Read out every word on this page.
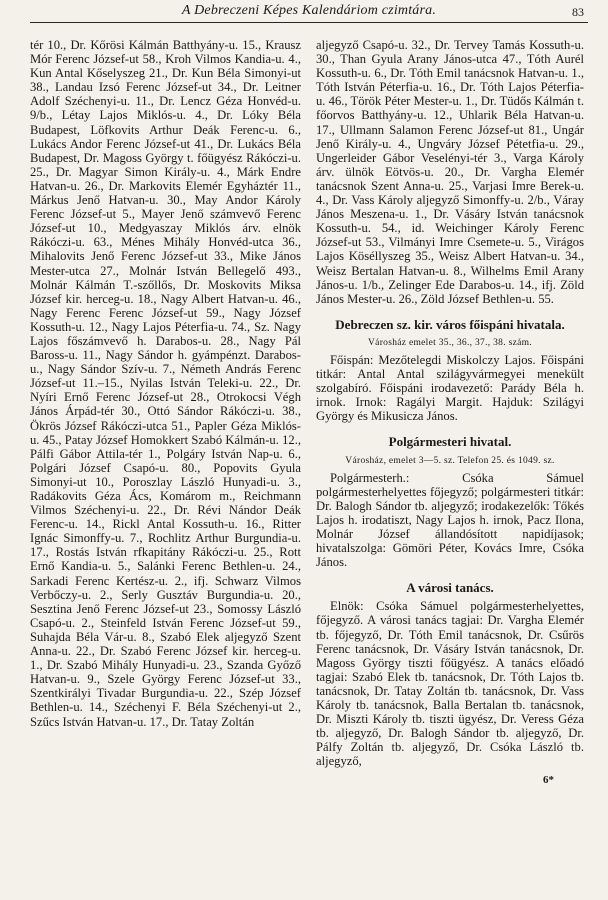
A Debreczeni Képes Kalendáriom czimtára.	83

tér 10., Dr. Kőrösi Kálmán Batthyány-u. 15., Krausz Mór Ferenc József-ut 58., Kroh Vilmos Kandia-u. 4., Kun Antal Kőselyszeg 21., Dr. Kun Béla Simonyi-ut 38., Landau Izsó Ferenc József-ut 34., Dr. Leitner Adolf Széchenyi-u. 11., Dr. Lencz Géza Honvéd-u. 9/b., Létay Lajos Miklós-u. 4., Dr. Lóky Béla Budapest, Löfkovits Arthur Deák Ferenc-u. 6., Lukács Andor Ferenc József-ut 41., Dr. Lukács Béla Budapest, Dr. Magoss György t. főügyész Rákóczi-u. 25., Dr. Magyar Simon Király-u. 4., Márk Endre Hatvan-u. 26., Dr. Markovits Elemér Egyháztér 11., Márkus Jenő Hatvan-u. 30., May Andor Károly Ferenc József-ut 5., Mayer Jenő számvevő Ferenc József-ut 10., Medgyaszay Miklós árv. elnök Rákóczi-u. 63., Ménes Mihály Honvéd-utca 36., Mihalovits Jenő Ferenc József-ut 33., Mike János Mester-utca 27., Molnár István Bellegelő 493., Molnár Kálmán T.-szőllős, Dr. Moskovits Miksa József kir. herceg-u. 18., Nagy Albert Hatvan-u. 46., Nagy Ferenc Ferenc József-ut 59., Nagy József Kossuth-u. 12., Nagy Lajos Péterfia-u. 74., Sz. Nagy Lajos főszámvevő h. Darabos-u. 28., Nagy Pál Baross-u. 11., Nagy Sándor h. gyámpénzt. Darabos-u., Nagy Sándor Szív-u. 7., Németh András Ferenc József-ut 11.–15., Nyilas István Teleki-u. 22., Dr. Nyíri Ernő Ferenc József-ut 28., Otrokocsi Végh János Árpád-tér 30., Ottó Sándor Rákóczi-u. 38., Ökrös József Rákóczi-utca 51., Papler Géza Miklós-u. 45., Patay József Homokkert Szabó Kálmán-u. 12., Pálfi Gábor Attila-tér 1., Polgáry István Nap-u. 6., Polgári József Csapó-u. 80., Popovits Gyula Simonyi-ut 10., Poroszlay László Hunyadi-u. 3., Radákovits Géza Ács, Komárom m., Reichmann Vilmos Széchenyi-u. 22., Dr. Révi Nándor Deák Ferenc-u. 14., Rickl Antal Kossuth-u. 16., Ritter Ignác Simonffy-u. 7., Rochlitz Arthur Burgundia-u. 17., Rostás István rfkapitány Rákóczi-u. 25., Rott Ernő Kandia-u. 5., Salánki Ferenc Bethlen-u. 24., Sarkadi Ferenc Kertész-u. 2., ifj. Schwarz Vilmos Verbőczy-u. 2., Serly Gusztáv Burgundia-u. 20., Sesztina Jenő Ferenc József-ut 23., Somossy László Csapó-u. 2., Steinfeld István Ferenc József-ut 59., Suhajda Béla Vár-u. 8., Szabó Elek aljegyző Szent Anna-u. 22., Dr. Szabó Ferenc József kir. herceg-u. 1., Dr. Szabó Mihály Hunyadi-u. 23., Szanda Győző Hatvan-u. 9., Szele György Ferenc József-ut 33., Szentkirályi Tivadar Burgundia-u. 22., Szép József Bethlen-u. 14., Széchenyi F. Béla Széchenyi-ut 2., Szűcs István Hatvan-u. 17., Dr. Tatay Zoltán

aljegyző Csapó-u. 32., Dr. Tervey Tamás Kossuth-u. 30., Than Gyula Arany János-utca 47., Tóth Aurél Kossuth-u. 6., Dr. Tóth Emil tanácsnok Hatvan-u. 1., Tóth István Péterfia-u. 16., Dr. Tóth Lajos Péterfia-u. 46., Török Péter Mester-u. 1., Dr. Tüdős Kálmán t. főorvos Batthyány-u. 12., Uhlarik Béla Hatvan-u. 17., Ullmann Salamon Ferenc József-ut 81., Ungár Jenő Király-u. 4., Ungváry József Pétetfia-u. 29., Ungerleider Gábor Veselényi-tér 3., Varga Károly árv. ülnök Eötvös-u. 20., Dr. Vargha Elemér tanácsnok Szent Anna-u. 25., Varjasi Imre Berek-u. 4., Dr. Vass Károly aljegyző Simonffy-u. 2/b., Váray János Meszena-u. 1., Dr. Vásáry István tanácsnok Kossuth-u. 54., id. Weichinger Károly Ferenc József-ut 53., Vilmányi Imre Csemete-u. 5., Virágos Lajos Köséllyszeg 35., Weisz Albert Hatvan-u. 34., Weisz Bertalan Hatvan-u. 8., Wilhelms Emil Arany János-u. 1/b., Zelinger Ede Darabos-u. 14., ifj. Zöld János Mester-u. 26., Zöld József Bethlen-u. 55.

Debreczen sz. kir. város főispáni hivatala.
Városház emelet 35., 36., 37., 38. szám.

Főispán: Mezőtelegdi Miskolczy Lajos. Főispáni titkár: Antal Antal szilágyvármegyei menekült szolgabíró. Főispáni irodavezető: Parády Béla h. irnok. Irnok: Ragályi Margit. Hajduk: Szilágyi György és Mikusicza János.

Polgármesteri hivatal.
Városház, emelet 3—5. sz. Telefon 25. és 1049. sz.

Polgármesterh.: Csóka Sámuel polgármesterhelyettes főjegyző; polgármesteri titkár: Dr. Balogh Sándor tb. aljegyző; irodakezelők: Tőkés Lajos h. irodatiszt, Nagy Lajos h. irnok, Pacz Ilona, Molnár József állandósított napidíjasok; hivatalszolga: Gömöri Péter, Kovács Imre, Csóka János.

A városi tanács.

Elnök: Csóka Sámuel polgármesterhelyettes, főjegyző. A városi tanács tagjai: Dr. Vargha Elemér tb. főjegyző, Dr. Tóth Emil tanácsnok, Dr. Csűrös Ferenc tanácsnok, Dr. Vásáry István tanácsnok, Dr. Magoss György tiszti főügyész. A tanács előadó tagjai: Szabó Elek tb. tanácsnok, Dr. Tóth Lajos tb. tanácsnok, Dr. Tatay Zoltán tb. tanácsnok, Dr. Vass Károly tb. tanácsnok, Balla Bertalan tb. tanácsnok, Dr. Miszti Károly tb. tiszti ügyész, Dr. Veress Géza tb. aljegyző, Dr. Balogh Sándor tb. aljegyző, Dr. Pálfy Zoltán tb. aljegyző, Dr. Csóka László tb. aljegyző,

6*
